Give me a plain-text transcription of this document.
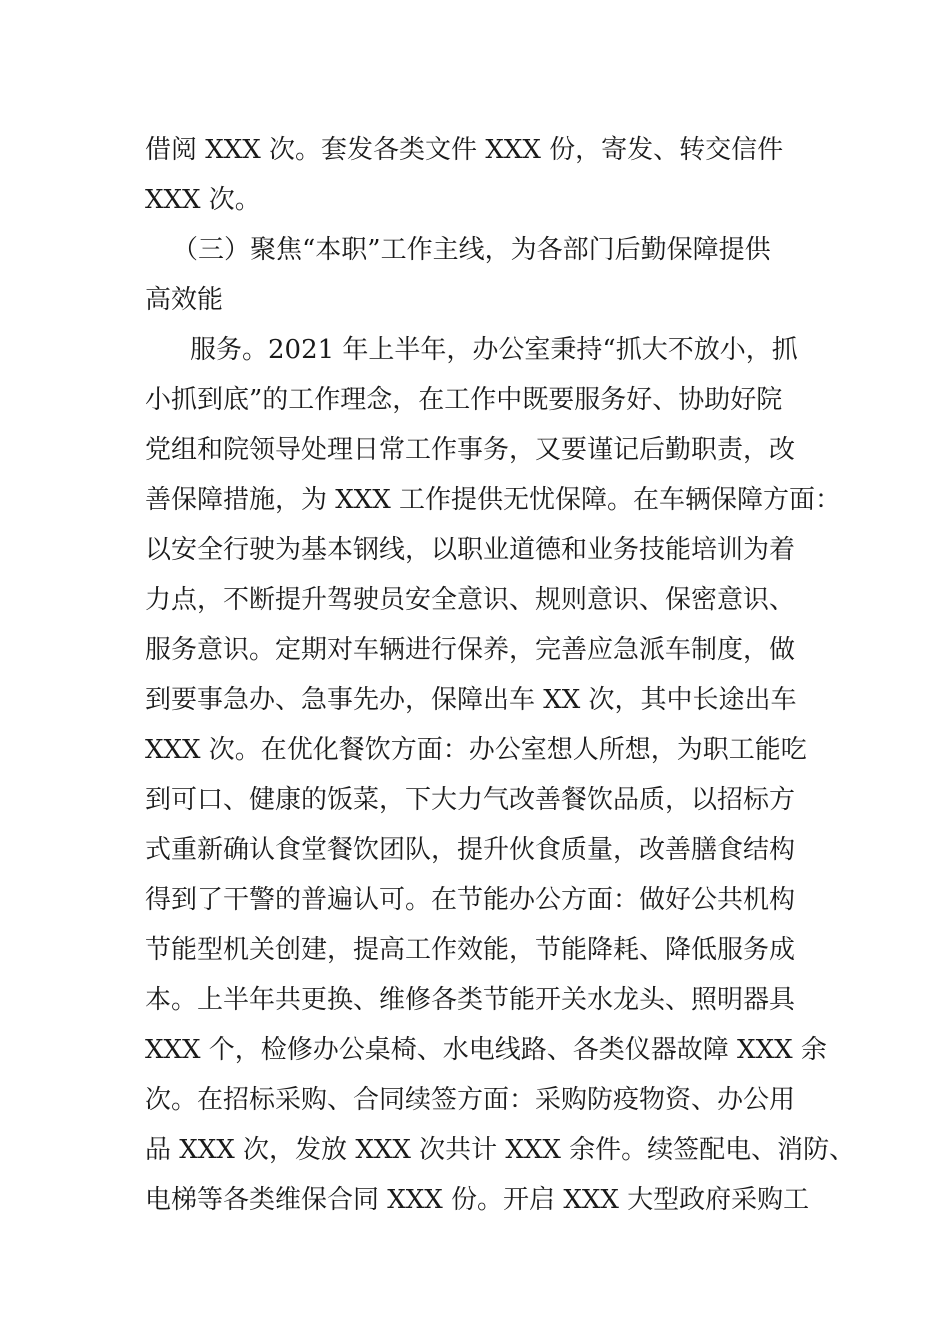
借阅 XXX 次。套发各类文件 XXX 份，寄发、转交信件
XXX 次。
（三）聚焦“本职”工作主线，为各部门后勤保障提供
高效能
服务。2021 年上半年，办公室秉持“抓大不放小，抓
小抓到底”的工作理念，在工作中既要服务好、协助好院
党组和院领导处理日常工作事务，又要谨记后勤职责，改
善保障措施，为 XXX 工作提供无忧保障。在车辆保障方面：
以安全行驶为基本钢线，以职业道德和业务技能培训为着
力点，不断提升驾驶员安全意识、规则意识、保密意识、
服务意识。定期对车辆进行保养，完善应急派车制度，做
到要事急办、急事先办，保障出车 XX 次，其中长途出车
XXX 次。在优化餐饮方面：办公室想人所想，为职工能吃
到可口、健康的饭菜，下大力气改善餐饮品质，以招标方
式重新确认食堂餐饮团队，提升伙食质量，改善膳食结构
得到了干警的普遍认可。在节能办公方面：做好公共机构
节能型机关创建，提高工作效能，节能降耗、降低服务成
本。上半年共更换、维修各类节能开关水龙头、照明器具
XXX 个，检修办公桌椅、水电线路、各类仪器故障 XXX 余
次。在招标采购、合同续签方面：采购防疫物资、办公用
品 XXX 次，发放 XXX 次共计 XXX 余件。续签配电、消防、
电梯等各类维保合同 XXX 份。开启 XXX 大型政府采购工
